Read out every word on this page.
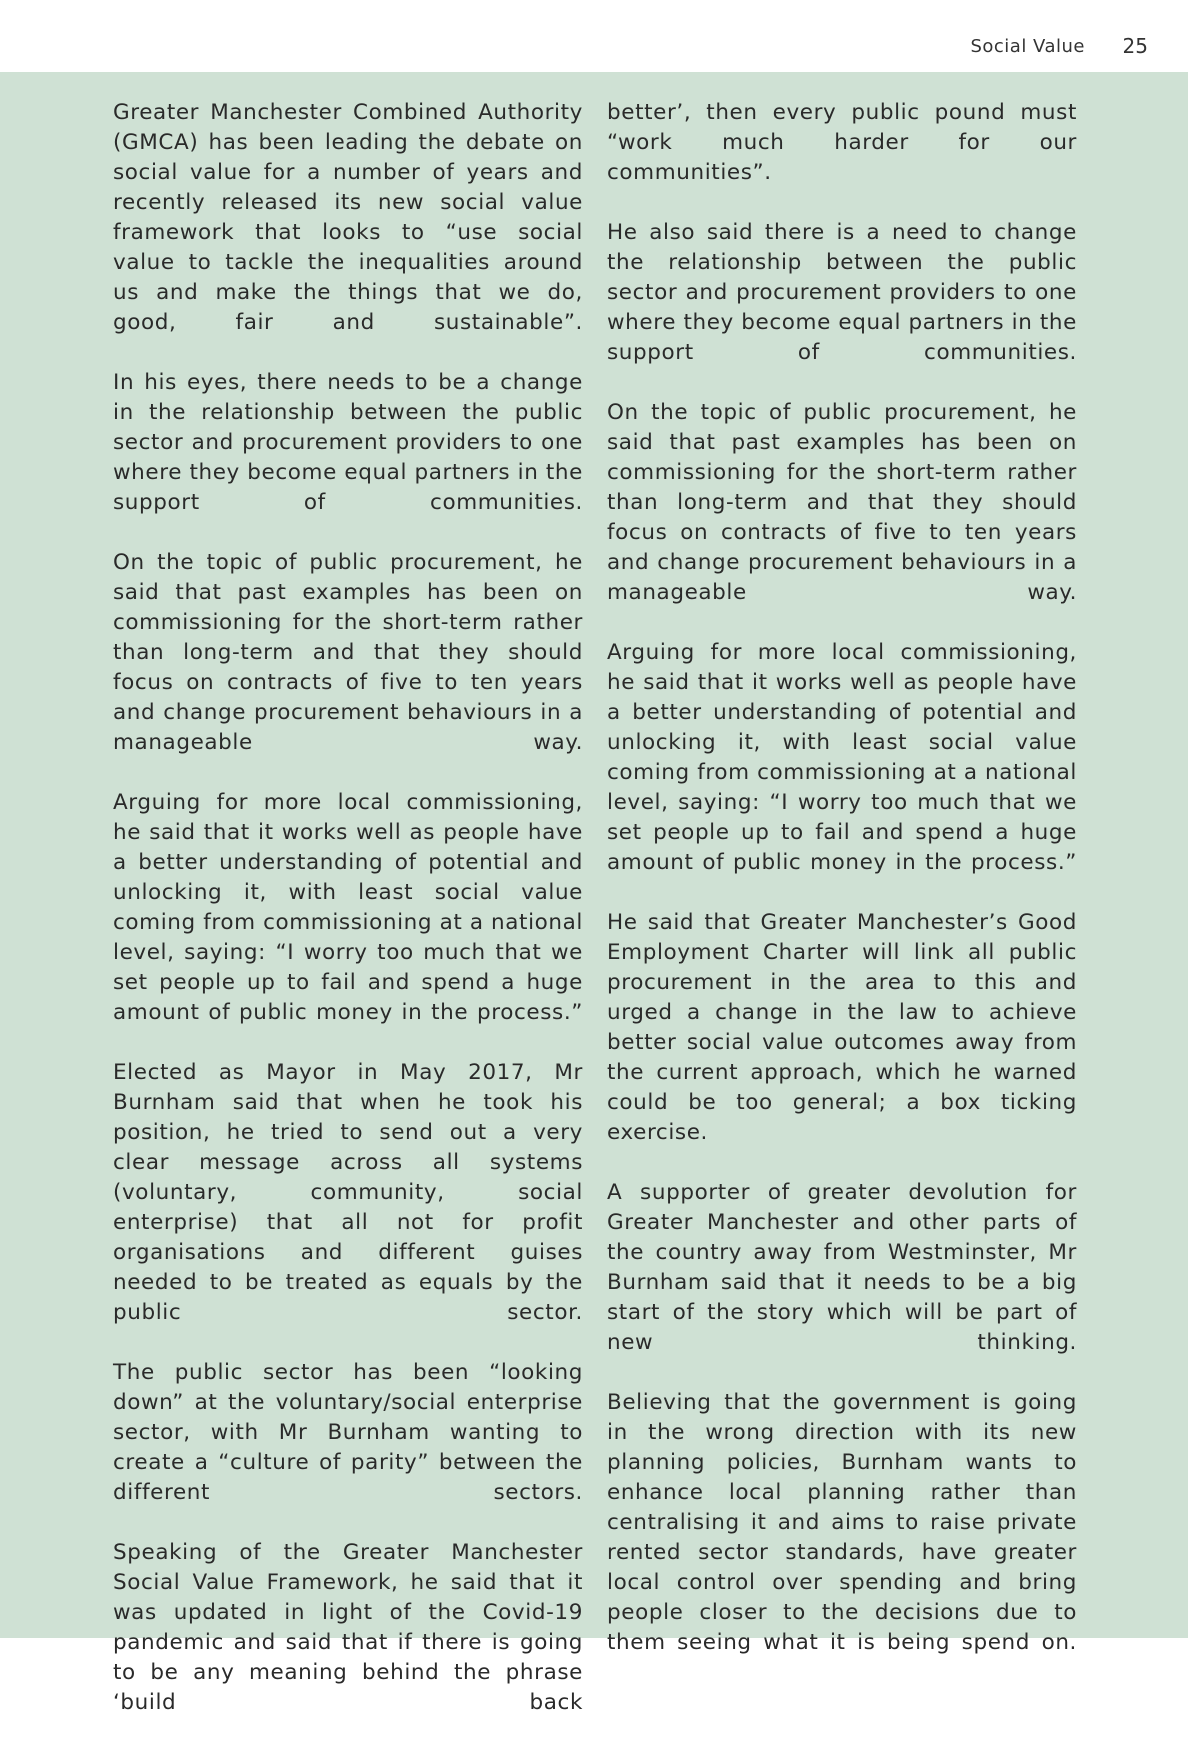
Social Value 25

Greater Manchester Combined Authority (GMCA) has been leading the debate on social value for a number of years and recently released its new social value framework that looks to “use social value to tackle the inequalities around us and make the things that we do, good, fair and sustainable”.

In his eyes, there needs to be a change in the relationship between the public sector and procurement providers to one where they become equal partners in the support of communities.

On the topic of public procurement, he said that past examples has been on commissioning for the short-term rather than long-term and that they should focus on contracts of five to ten years and change procurement behaviours in a manageable way.

Arguing for more local commissioning, he said that it works well as people have a better understanding of potential and unlocking it, with least social value coming from commissioning at a national level, saying: “I worry too much that we set people up to fail and spend a huge amount of public money in the process.”

Elected as Mayor in May 2017, Mr Burnham said that when he took his position, he tried to send out a very clear message across all systems (voluntary, community, social enterprise) that all not for profit organisations and different guises needed to be treated as equals by the public sector.

The public sector has been “looking down” at the voluntary/social enterprise sector, with Mr Burnham wanting to create a “culture of parity” between the different sectors.

Speaking of the Greater Manchester Social Value Framework, he said that it was updated in light of the Covid-19 pandemic and said that if there is going to be any meaning behind the phrase ‘build back

better’, then every public pound must “work much harder for our communities”.

He also said there is a need to change the relationship between the public sector and procurement providers to one where they become equal partners in the support of communities.

On the topic of public procurement, he said that past examples has been on commissioning for the short-term rather than long-term and that they should focus on contracts of five to ten years and change procurement behaviours in a manageable way.

Arguing for more local commissioning, he said that it works well as people have a better understanding of potential and unlocking it, with least social value coming from commissioning at a national level, saying: “I worry too much that we set people up to fail and spend a huge amount of public money in the process.”

He said that Greater Manchester’s Good Employment Charter will link all public procurement in the area to this and urged a change in the law to achieve better social value outcomes away from the current approach, which he warned could be too general; a box ticking exercise.

A supporter of greater devolution for Greater Manchester and other parts of the country away from Westminster, Mr Burnham said that it needs to be a big start of the story which will be part of new thinking.

Believing that the government is going in the wrong direction with its new planning policies, Burnham wants to enhance local planning rather than centralising it and aims to raise private rented sector standards, have greater local control over spending and bring people closer to the decisions due to them seeing what it is being spend on.
